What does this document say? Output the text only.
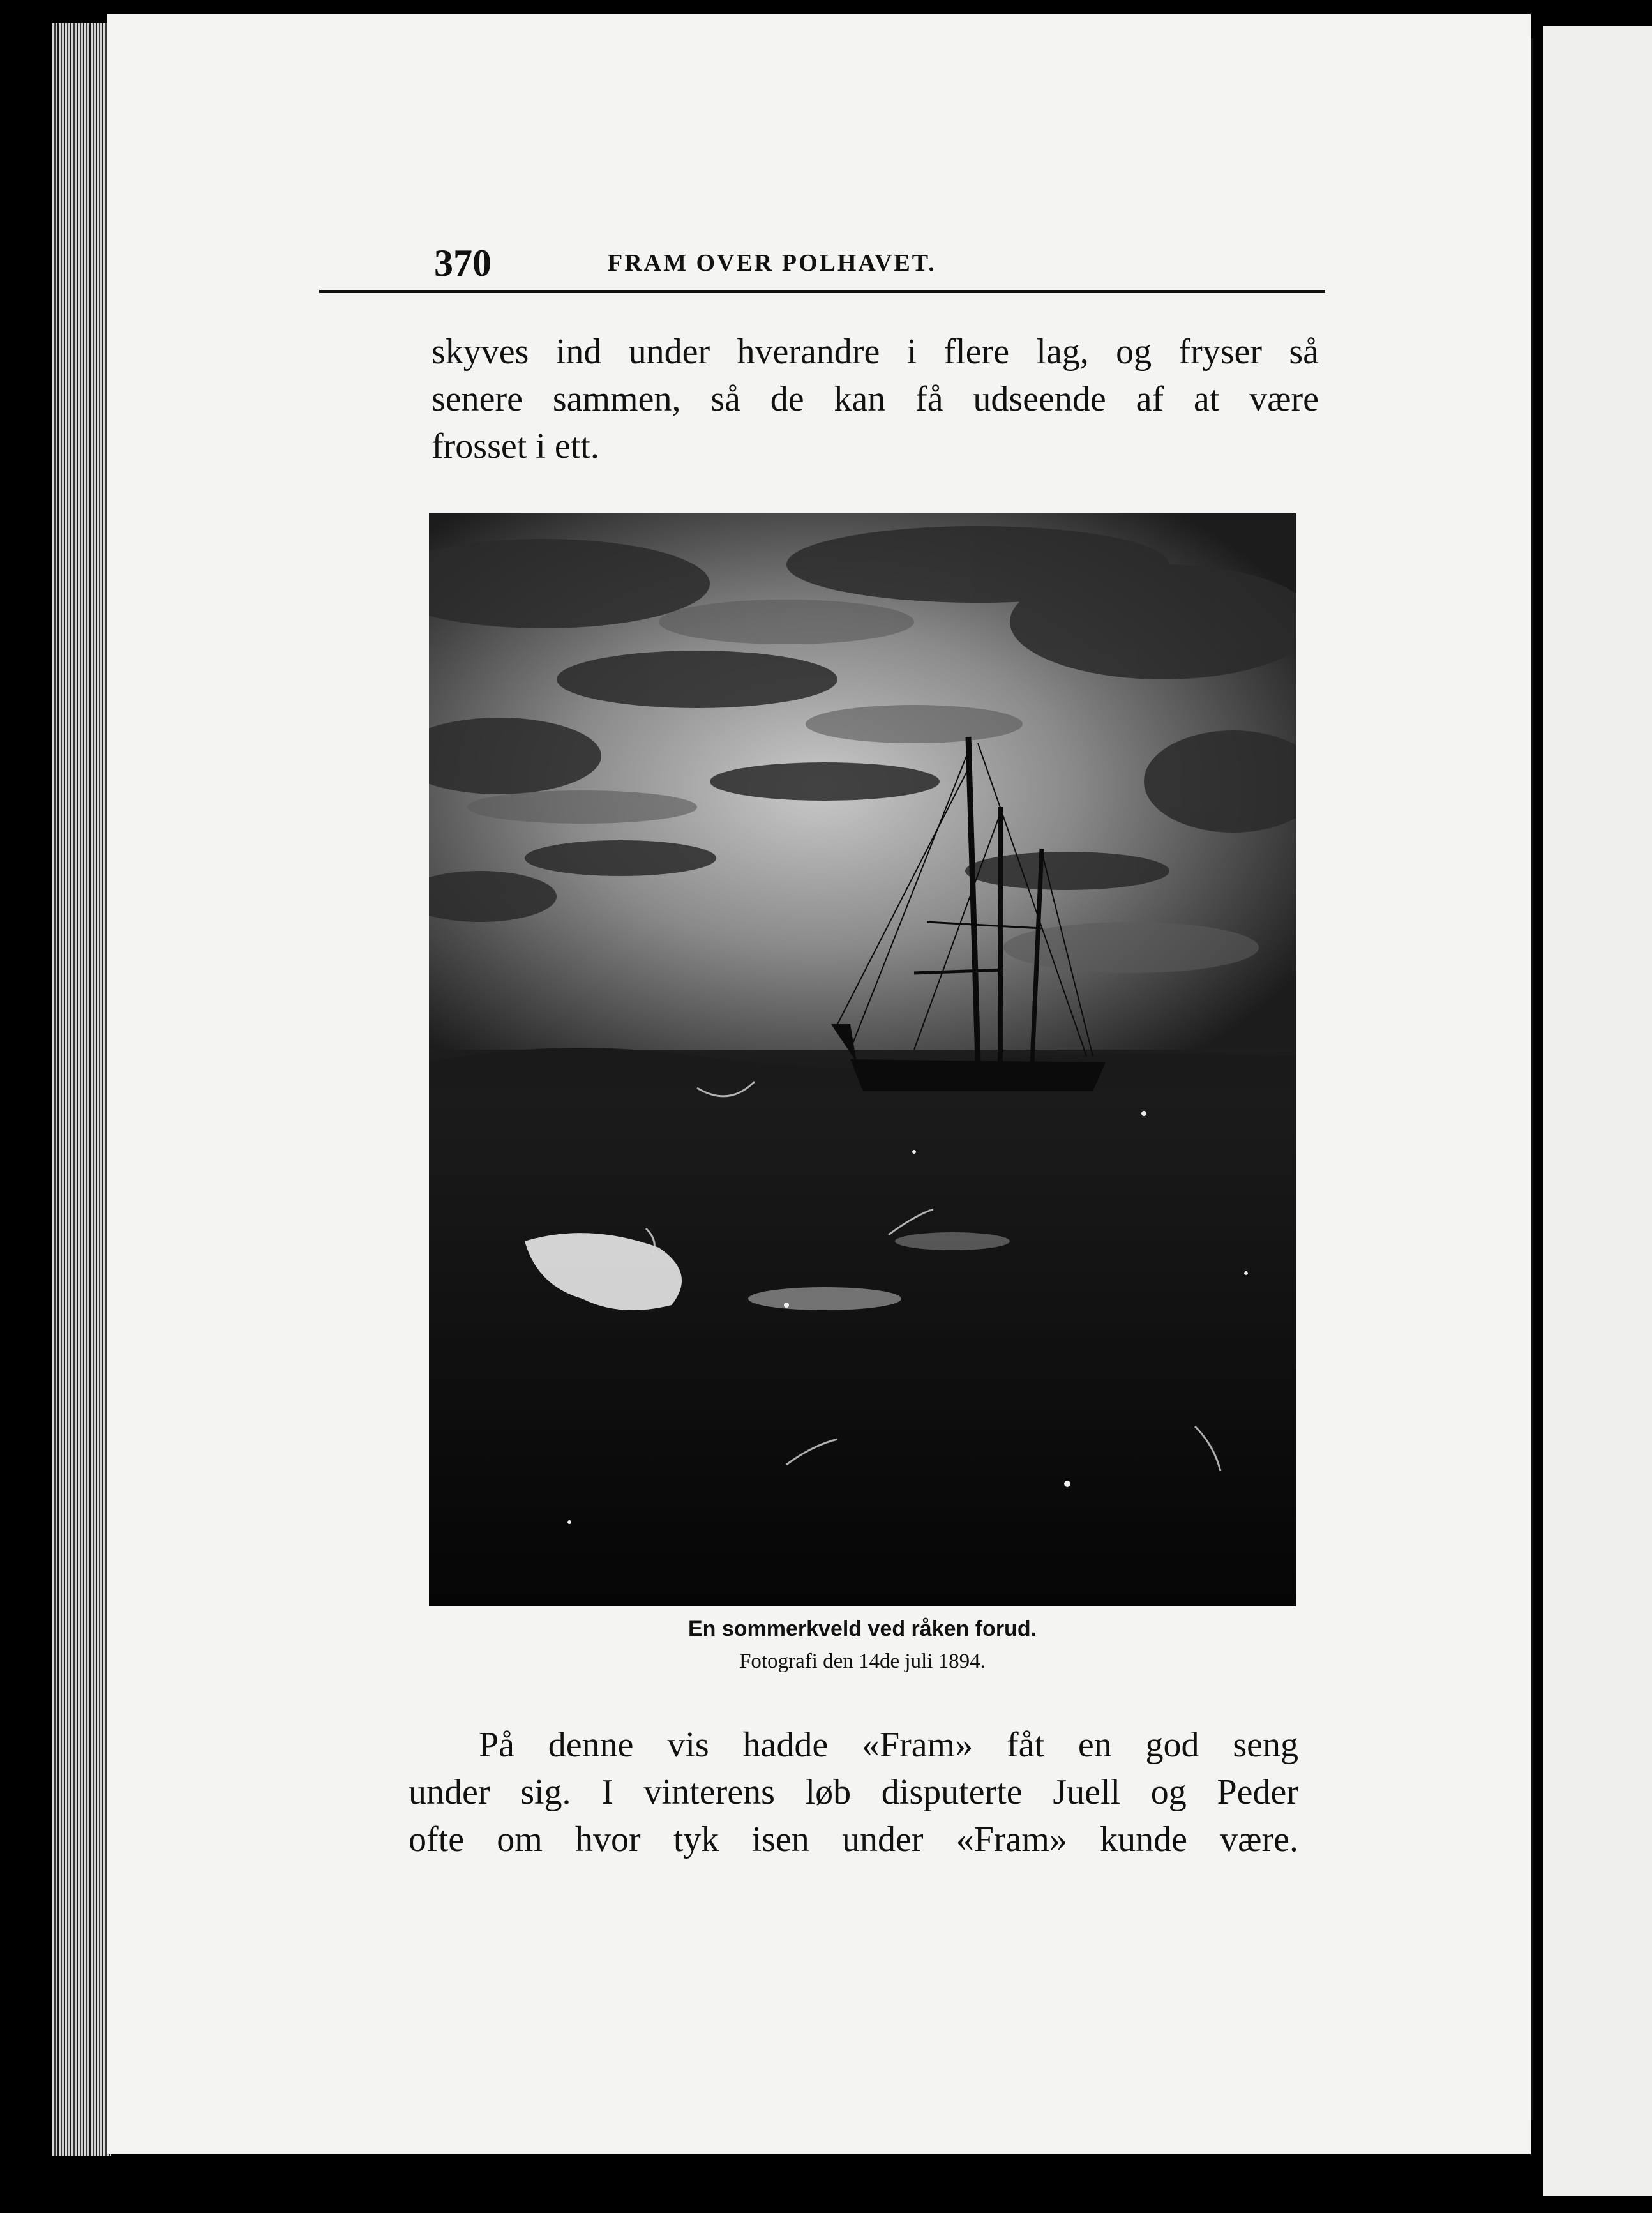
370	FRAM OVER POLHAVET.
skyves ind under hverandre i flere lag, og fryser så
senere sammen, så de kan få udseende af at være
frosset i ett.
En sommerkveld ved råken forud.
Fotografi den 14de juli 1894.
På denne vis hadde «Fram» fåt en god seng
under sig. I vinterens løb disputerte Juell og Peder
ofte om hvor tyk isen under «Fram» kunde være.
